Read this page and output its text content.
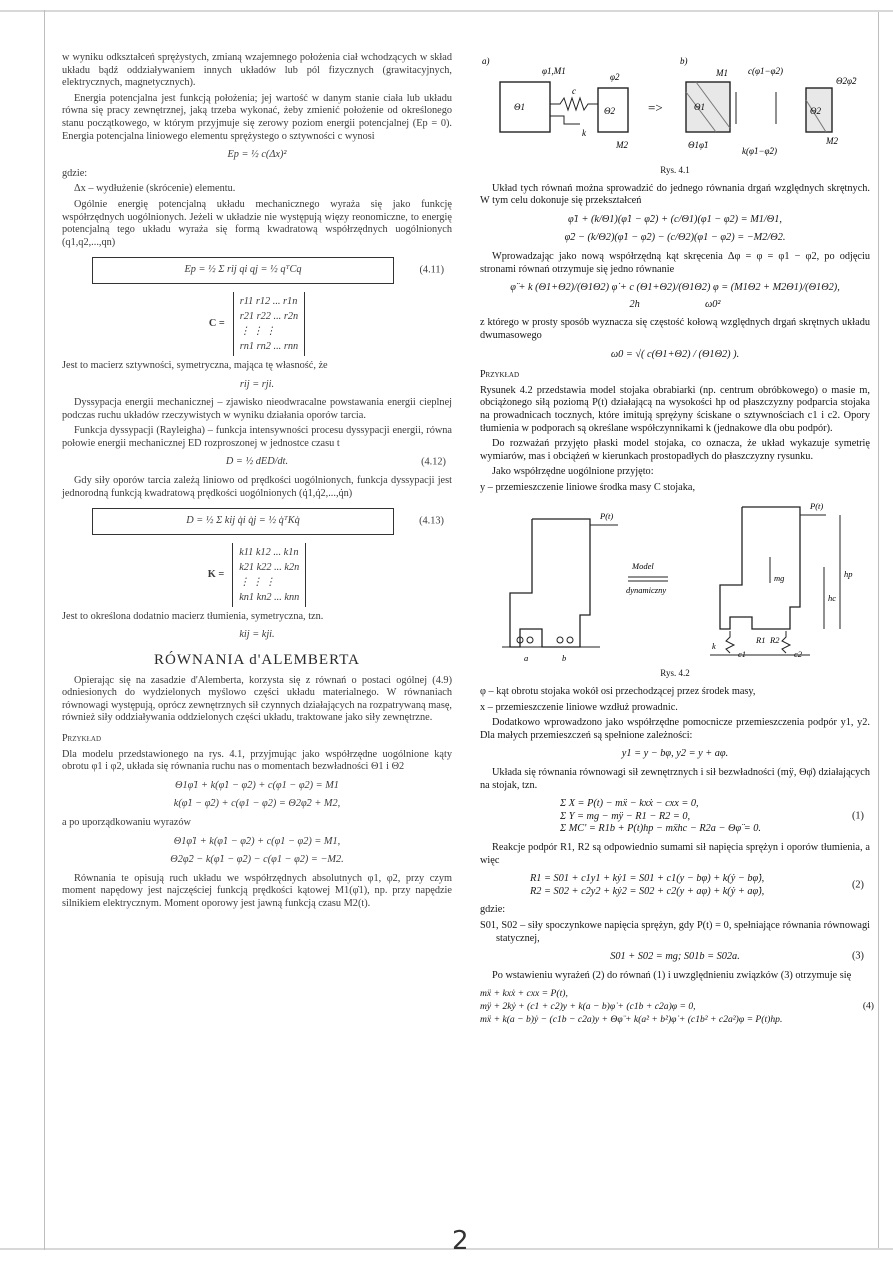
w wyniku odkształceń sprężystych, zmianą wzajemnego położenia ciał wchodzących w skład układu bądź oddziaływaniem innych układów lub pól fizycznych (grawitacyjnych, elektrycznych, magnetycznych).

Energia potencjalna jest funkcją położenia; jej wartość w danym stanie ciała lub układu równa się pracy zewnętrznej, jaką trzeba wykonać, żeby zmienić położenie od określonego stanu początkowego, w którym przyjmuje się zerowy poziom energii potencjalnej (Ep = 0). Energia potencjalna liniowego elementu sprężystego o sztywności c wynosi

Ep = ½ c(Δx)²

gdzie:

Δx – wydłużenie (skrócenie) elementu.

Ogólnie energię potencjalną układu mechanicznego wyraża się jako funkcję współrzędnych uogólnionych. Jeżeli w układzie nie występują więzy reonomiczne, to energię potencjalną tego układu wyraża się formą kwadratową współrzędnych uogólnionych (q1,q2,...,qn)

Ep = ½ Σ rij qi qj = ½ qᵀCq	(4.11)
C =
r11 r12 ... r1n
r21 r22 ... r2n
⋮ ⋮ ⋮
rn1 rn2 ... rnn

Jest to macierz sztywności, symetryczna, mająca tę własność, że

rij = rji.

Dyssypacja energii mechanicznej – zjawisko nieodwracalne powstawania energii cieplnej podczas ruchu układów rzeczywistych w wyniku działania oporów tarcia.

Funkcja dyssypacji (Rayleigha) – funkcja intensywności procesu dyssypacji energii, równa połowie energii mechanicznej ED rozproszonej w jednostce czasu t

D = ½ dED/dt.	(4.12)

Gdy siły oporów tarcia zależą liniowo od prędkości uogólnionych, funkcja dyssypacji jest jednorodną funkcją kwadratową prędkości uogólnionych (q̇1,q̇2,...,q̇n)

D = ½ Σ kij q̇i q̇j = ½ q̇ᵀKq̇	(4.13)
K =
k11 k12 ... k1n
k21 k22 ... k2n
⋮ ⋮ ⋮
kn1 kn2 ... knn

Jest to określona dodatnio macierz tłumienia, symetryczna, tzn.

kij = kji.
RÓWNANIA d'ALEMBERTA

Opierając się na zasadzie d'Alemberta, korzysta się z równań o postaci ogólnej (4.9) odniesionych do wydzielonych myślowo części układu materialnego. W równaniach równowagi występują, oprócz zewnętrznych sił czynnych działających na rozpatrywaną masę, również siły oddziaływania oddzielonych części układu, traktowane jako siły zewnętrzne.

Przykład

Dla modelu przedstawionego na rys. 4.1, przyjmując jako współrzędne uogólnione kąty obrotu φ1 i φ2, układa się równania ruchu nas o momentach bezwładności Θ1 i Θ2

Θ1φ̈1 + k(φ̇1 − φ̇2) + c(φ1 − φ2) = M1
k(φ̇1 − φ̇2) + c(φ1 − φ2) = Θ2φ̈2 + M2,

a po uporządkowaniu wyrazów

Θ1φ̈1 + k(φ̇1 − φ̇2) + c(φ1 − φ2) = M1,
Θ2φ̈2 − k(φ̇1 − φ̇2) − c(φ1 − φ2) = −M2.

Równania te opisują ruch układu we współrzędnych absolutnych φ1, φ2, przy czym moment napędowy jest najczęściej funkcją prędkości kątowej M1(φ̇1), np. przy napędzie silnikiem elektrycznym. Moment oporowy jest jawną funkcją czasu M2(t).

a)	b)
Θ1
φ1,M1
c
k
Θ2
φ2
M2
=>	Θ1
M1
Θ1φ̈1
c(φ1−φ2)
k(φ̇1−φ̇2)
Θ2
Θ2φ̈2
M2
Rys. 4.1

Układ tych równań można sprowadzić do jednego równania drgań względnych skrętnych. W tym celu dokonuje się przekształceń

φ̈1 + (k/Θ1)(φ̇1 − φ̇2) + (c/Θ1)(φ1 − φ2) = M1/Θ1,
φ̈2 − (k/Θ2)(φ̇1 − φ̇2) − (c/Θ2)(φ1 − φ2) = −M2/Θ2.

Wprowadzając jako nową współrzędną kąt skręcenia Δφ = φ = φ1 − φ2, po odjęciu stronami równań otrzymuje się jedno równanie

φ̈ + k (Θ1+Θ2)/(Θ1Θ2) φ̇ + c (Θ1+Θ2)/(Θ1Θ2) φ = (M1Θ2 + M2Θ1)/(Θ1Θ2),
2h	ω0²

z którego w prosty sposób wyznacza się częstość kołową względnych drgań skrętnych układu dwumasowego

ω0 = √( c(Θ1+Θ2) / (Θ1Θ2) ).

Przykład

Rysunek 4.2 przedstawia model stojaka obrabiarki (np. centrum obróbkowego) o masie m, obciążonego siłą poziomą P(t) działającą na wysokości hp od płaszczyzny podparcia stojaka na prowadnicach tocznych, które imitują sprężyny ściskane o sztywnościach c1 i c2. Opory tłumienia w podporach są określane współczynnikami k (jednakowe dla obu podpór).

Do rozważań przyjęto płaski model stojaka, co oznacza, że układ wykazuje symetrię wymiarów, mas i obciążeń w kierunkach prostopadłych do płaszczyzny rysunku.

Jako współrzędne uogólnione przyjęto:

y – przemieszczenie liniowe środka masy C stojaka,

P(t)
a	b
Model
dynamiczny
P(t)
hp
hc
mg
k
c1	c2
R1 R2
Rys. 4.2

φ – kąt obrotu stojaka wokół osi przechodzącej przez środek masy,

x – przemieszczenie liniowe wzdłuż prowadnic.

Dodatkowo wprowadzono jako współrzędne pomocnicze przemieszczenia podpór y1, y2. Dla małych przemieszczeń są spełnione zależności:

y1 = y − bφ, y2 = y + aφ.

Układa się równania równowagi sił zewnętrznych i sił bezwładności (mÿ, Θφ̈) działających na stojak, tzn.

Σ X = P(t) − mẍ − kxẋ − cxx = 0,
Σ Y = mg − mÿ − R1 − R2 = 0,
Σ MC' = R1b + P(t)hp − mẍhc − R2a − Θφ̈ = 0.
(1)

Reakcje podpór R1, R2 są odpowiednio sumami sił napięcia sprężyn i oporów tłumienia, a więc

R1 = S01 + c1y1 + kẏ1 = S01 + c1(y − bφ) + k(ẏ − bφ̇),
R2 = S02 + c2y2 + kẏ2 = S02 + c2(y + aφ) + k(ẏ + aφ̇),
(2)

gdzie:

S01, S02 – siły spoczynkowe napięcia sprężyn, gdy P(t) = 0, spełniające równania równowagi statycznej,

S01 + S02 = mg; S01b = S02a.	(3)

Po wstawieniu wyrażeń (2) do równań (1) i uwzględnieniu związków (3) otrzymuje się

mẍ + kxẋ + cxx = P(t),
mÿ + 2kẏ + (c1 + c2)y + k(a − b)φ̇ + (c1b + c2a)φ = 0,
mẍ + k(a − b)ẏ − (c1b − c2a)y + Θφ̈ + k(a² + b²)φ̇ + (c1b² + c2a²)φ = P(t)hp.
(4)
2
